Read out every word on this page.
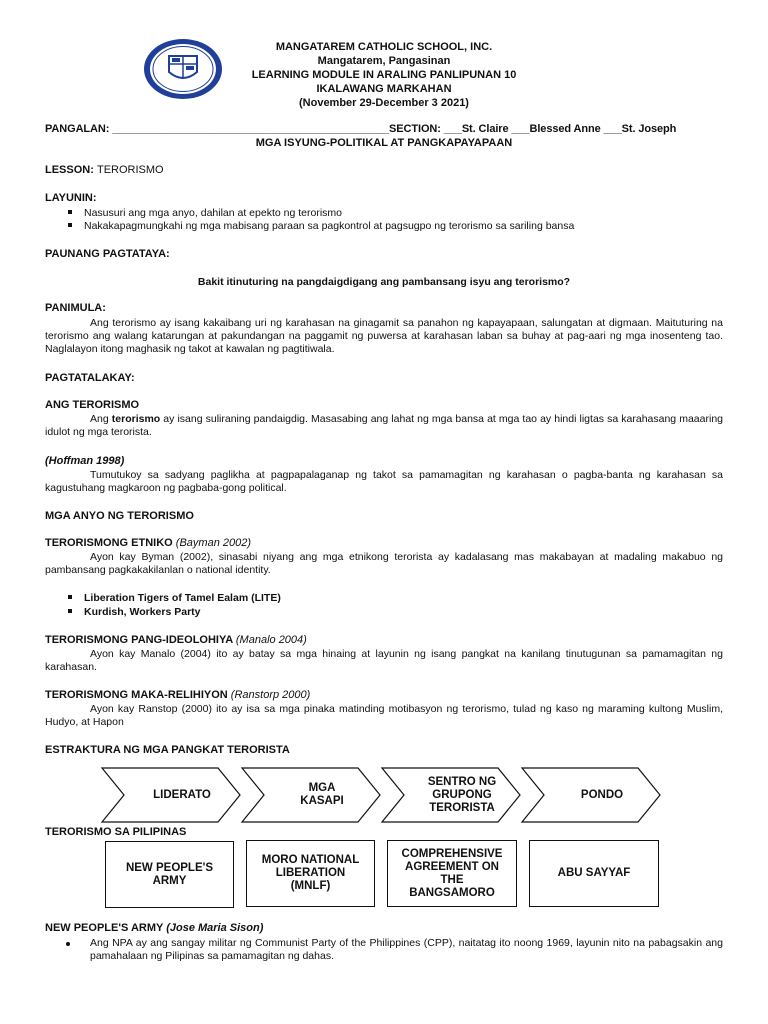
MANGATAREM CATHOLIC SCHOOL, INC.
Mangatarem, Pangasinan
LEARNING MODULE IN ARALING PANLIPUNAN 10
IKALAWANG MARKAHAN
(November 29-December 3 2021)
PANGALAN: ______________________________________________SECTION: ___St. Claire ___Blessed Anne ___St. Joseph
MGA ISYUNG-POLITIKAL AT PANGKAPAYAPAAN
LESSON: TERORISMO
LAYUNIN:
Nasusuri ang mga anyo, dahilan at epekto ng terorismo
Nakakapagmungkahi ng mga mabisang paraan sa pagkontrol at pagsugpo ng terorismo sa sariling bansa
PAUNANG PAGTATAYA:
Bakit itinuturing na pangdaigdigang ang pambansang isyu ang terorismo?
PANIMULA:
Ang terorismo ay isang kakaibang uri ng karahasan na ginagamit sa panahon ng kapayapaan, salungatan at digmaan. Maituturing na terorismo ang walang katarungan at pakundangan na paggamit ng puwersa at karahasan laban sa buhay at pag-aari ng mga inosenteng tao. Naglalayon itong maghasik ng takot at kawalan ng pagtitiwala.
PAGTATALAKAY:
ANG TERORISMO
Ang terorismo ay isang suliraning pandaigdig. Masasabing ang lahat ng mga bansa at mga tao ay hindi ligtas sa karahasang maaaring idulot ng mga terorista.
(Hoffman 1998)
Tumutukoy sa sadyang paglikha at pagpapalaganap ng takot sa pamamagitan ng karahasan o pagba-banta ng karahasan sa kagustuhang magkaroon ng pagbaba-gong political.
MGA ANYO NG TERORISMO
TERORISMONG ETNIKO (Bayman 2002)
Ayon kay Byman (2002), sinasabi niyang ang mga etnikong terorista ay kadalasang mas makabayan at madaling makabuo ng pambansang pagkakakilanlan o national identity.
Liberation Tigers of Tamel Ealam (LITE)
Kurdish, Workers Party
TERORISMONG PANG-IDEOLOHIYA (Manalo 2004)
Ayon kay Manalo (2004) ito ay batay sa mga hinaing at layunin ng isang pangkat na kanilang tinutugunan sa pamamagitan ng karahasan.
TERORISMONG MAKA-RELIHIYON (Ranstorp 2000)
Ayon kay Ranstop (2000) ito ay isa sa mga pinaka matinding motibasyon ng terorismo, tulad ng kaso ng maraming kultong Muslim, Hudyo, at Hapon
ESTRAKTURA NG MGA PANGKAT TERORISTA
LIDERATO
MGA
KASAPI
SENTRO NG
GRUPONG
TERORISTA
PONDO
TERORISMO SA PILIPINAS
NEW PEOPLE'S
ARMY
MORO NATIONAL
LIBERATION
(MNLF)
COMPREHENSIVE
AGREEMENT ON
THE
BANGSAMORO
ABU SAYYAF
NEW PEOPLE'S ARMY (Jose Maria Sison)
Ang NPA ay ang sangay militar ng Communist Party of the Philippines (CPP), naitatag ito noong 1969, layunin nito na pabagsakin ang pamahalaan ng Pilipinas sa pamamagitan ng dahas.
